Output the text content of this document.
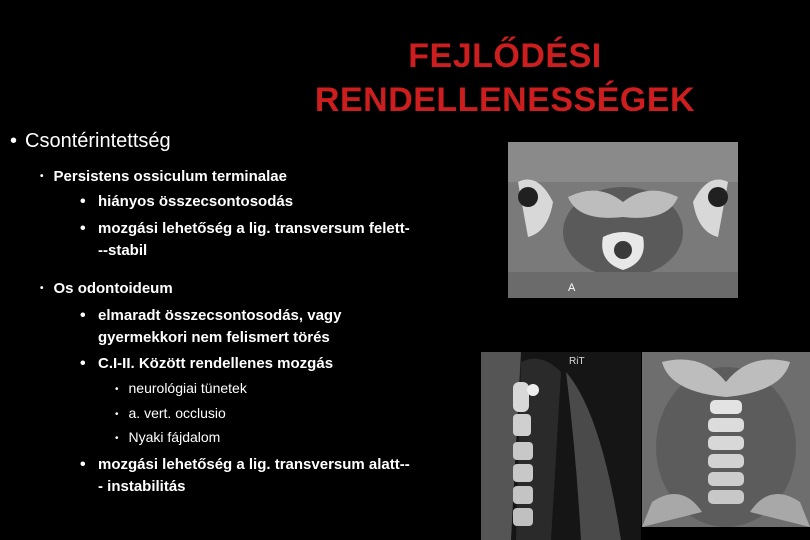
FEJLŐDÉSI
RENDELLENESSÉGEK
• Csontérintettség
• Persistens ossiculum terminalae
• hiányos összecsontosodás
• mozgási lehetőség a lig. transversum felett-
--stabil
• Os odontoideum
• elmaradt összecsontosodás, vagy
gyermekkori nem felismert törés
• C.I-II. Között rendellenes mozgás
• neurológiai tünetek
• a. vert. occlusio
• Nyaki fájdalom
• mozgási lehetőség a lig. transversum alatt--
- instabilitás
A
RiT
